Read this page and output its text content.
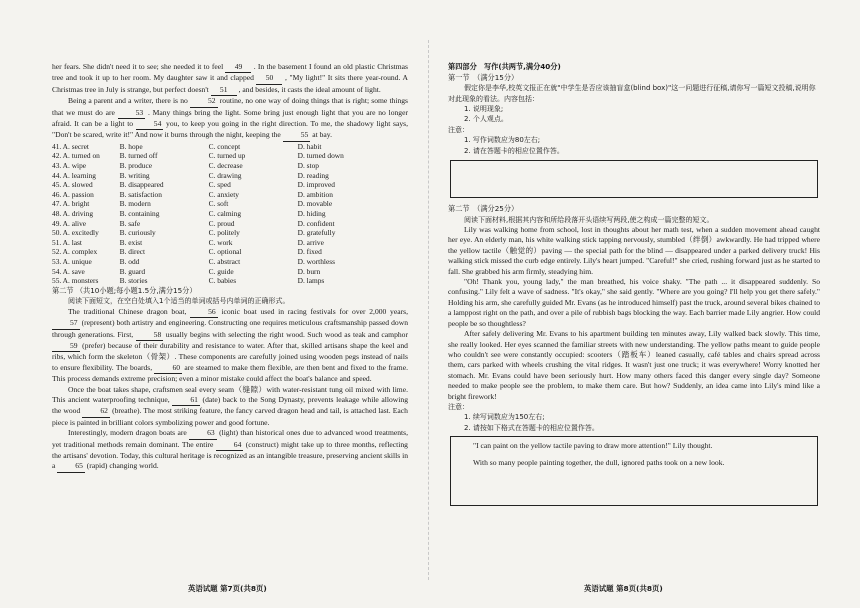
her fears. She didn't need it to see; she needed it to feel 49 . In the basement I found an old plastic Christmas tree and took it up to her room. My daughter saw it and clapped 50 , "My light!" It sits there year-round. A Christmas tree in July is strange, but perfect doesn't 51 , and besides, it casts the ideal amount of light.

Being a parent and a writer, there is no	52 routine, no one way of doing things that is right; some things that we must do are	53 . Many things bring the light. Some bring just enough light that you are no longer afraid. It can be a light to	54 you, to keep you going in the right direction. To me, the shadowy light says, "Don't be scared, write it!" And now it burns through the night, keeping the	55 at bay.

41. A. secret	B. hope	C. concept	D. habit
42. A. turned on	B. turned off	C. turned up	D. turned down
43. A. wipe	B. produce	C. decrease	D. stop
44. A. learning	B. writing	C. drawing	D. reading
45. A. slowed	B. disappeared	C. sped	D. improved
46. A. passion	B. satisfaction	C. anxiety	D. ambition
47. A. bright	B. modern	C. soft	D. movable
48. A. driving	B. containing	C. calming	D. hiding
49. A. alive	B. safe	C. proud	D. confident
50. A. excitedly	B. curiously	C. politely	D. gratefully
51. A. last	B. exist	C. work	D. arrive
52. A. complex	B. direct	C. optional	D. fixed
53. A. unique	B. odd	C. abstract	D. worthless
54. A. save	B. guard	C. guide	D. burn
55. A. monsters	B. stories	C. babies	D. lamps
第二节 （共10小题;每小题1.5分,满分15分）
阅读下面短文，在空白处填入1个适当的单词或括号内单词的正确形式。

The traditional Chinese dragon boat,	56 iconic boat used in racing festivals for over 2,000 years, 57 (represent) both artistry and engineering. Constructing one requires meticulous craftsmanship passed down through generations. First,	58 usually begins with selecting the right wood. Such wood as teak and camphor 59 (prefer) because of their durability and resistance to water. After that, skilled artisans shape the keel and ribs, which form the skeleton（骨架）. These components are carefully joined using wooden pegs instead of nails to ensure flexibility. The boards,	60 are steamed to make them flexible, are then bent and fixed to the frame. This process demands extreme precision; even a minor mistake could affect the boat's balance and speed.

Once the boat takes shape, craftsmen seal every seam（缝隙）with water-resistant tung oil mixed with lime. This ancient waterproofing technique,	61 (date) back to the Song Dynasty, prevents leakage while allowing the wood	62 (breathe). The most striking feature, the fancy carved dragon head and tail, is attached last. Each piece is painted in brilliant colors symbolizing power and good fortune.

Interestingly, modern dragon boats are	63 (light) than historical ones due to advanced wood treatments, yet traditional methods remain dominant. The entire	64 (construct) might take up to three months, reflecting the artisans' devotion. Today, this cultural heritage is recognized as an intangible treasure, preserving ancient skills in a	65 (rapid) changing world.

第四部分　写作(共两节,满分40分)
第一节　（满分15分）
假定你是李华,校英文报正在就"中学生是否应该抽盲盒(blind box)"这一问题进行征稿,请你写一篇短文投稿,说明你对此现象的看法。内容包括：
1. 说明现象;
2. 个人观点。
注意：
1. 写作词数应为80左右;
2. 请在答题卡的相应位置作答。
第二节　（满分25分）
阅读下面材料,根据其内容和所给段落开头语续写两段,使之构成一篇完整的短文。

Lily was walking home from school, lost in thoughts about her math test, when a sudden movement ahead caught her eye. An elderly man, his white walking stick tapping nervously, stumbled（绊倒）awkwardly. He had tripped where the yellow tactile（触觉的）paving — the special path for the blind — disappeared under a parked delivery truck! His walking stick missed the curb edge entirely. Lily's heart jumped. "Careful!" she cried, rushing forward just as he started to fall. She grabbed his arm firmly, steadying him.

"Oh! Thank you, young lady," the man breathed, his voice shaky. "The path ... it disappeared suddenly. So confusing." Lily felt a wave of sadness. "It's okay," she said gently. "Where are you going? I'll help you get there safely." Holding his arm, she carefully guided Mr. Evans (as he introduced himself) past the truck, around several bikes chained to a lamppost right on the path, and over a pile of rubbish bags blocking the way. Each barrier made Lily angrier. How could people be so thoughtless?

After safely delivering Mr. Evans to his apartment building ten minutes away, Lily walked back slowly. This time, she really looked. Her eyes scanned the familiar streets with new understanding. The yellow paths meant to guide people who couldn't see were constantly occupied: scooters（踏板车）leaned casually, café tables and chairs spread across them, cars parked with wheels crushing the vital ridges. It wasn't just one truck; it was everywhere! Worry knotted her stomach. Mr. Evans could have been seriously hurt. How many others faced this danger every single day? Someone needed to make people see the problem, to make them care. But how? Suddenly, an idea came into Lily's mind like a bright firework!

注意：
1. 续写词数应为150左右;
2. 请按如下格式在答题卡的相应位置作答。

"I can paint on the yellow tactile paving to draw more attention!" Lily thought.

With so many people painting together, the dull, ignored paths took on a new look.

英语试题 第7页(共8页)	英语试题 第8页(共8页)
